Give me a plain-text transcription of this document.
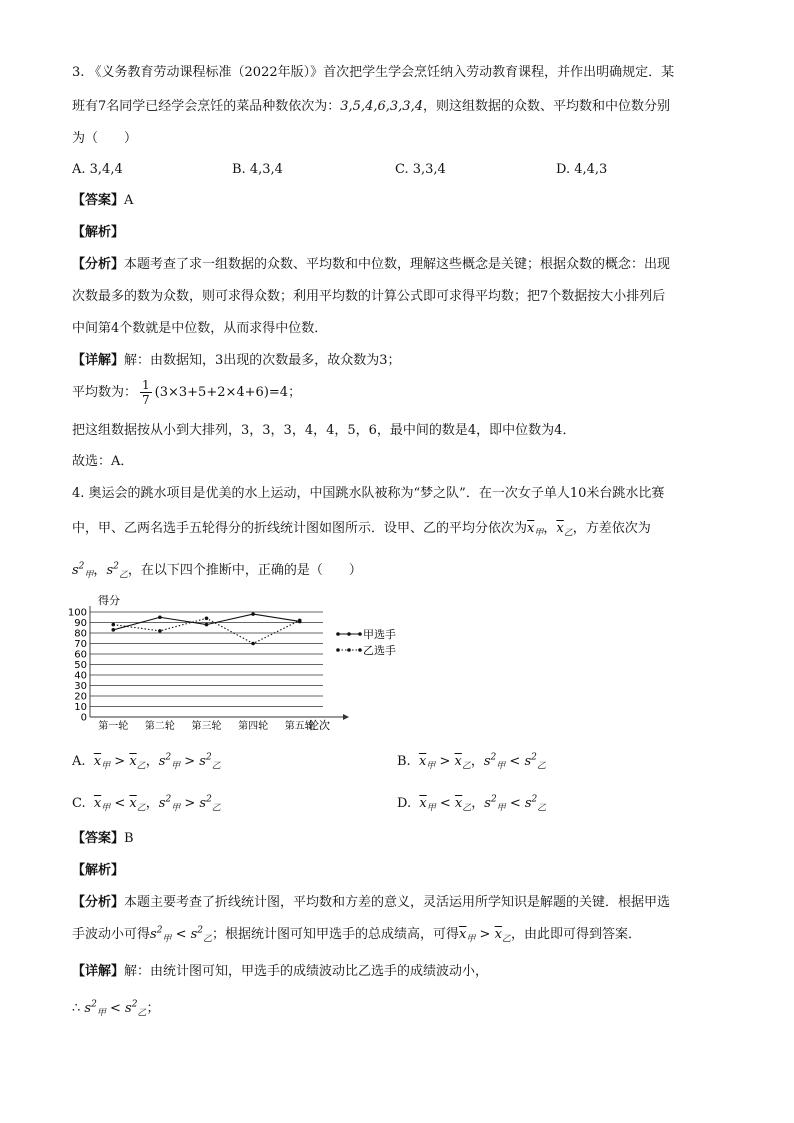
3. 《义务教育劳动课程标准（2022年版）》首次把学生学会烹饪纳入劳动教育课程，并作出明确规定．某
班有7名同学已经学会烹饪的菜品种数依次为：3,5,4,6,3,3,4，则这组数据的众数、平均数和中位数分别
为（　　）
A. 3,4,4	B. 4,3,4	C. 3,3,4	D. 4,4,3
【答案】A
【解析】
【分析】本题考查了求一组数据的众数、平均数和中位数，理解这些概念是关键；根据众数的概念：出现
次数最多的数为众数，则可求得众数；利用平均数的计算公式即可求得平均数；把7个数据按大小排列后
中间第4个数就是中位数，从而求得中位数．
【详解】解：由数据知，3出现的次数最多，故众数为3；
平均数为： $\frac{1}{7} (3\times 3+5+2\times 4+6)=4$；
把这组数据按从小到大排列，3，3，3，4，4，5，6，最中间的数是4，即中位数为4．
故选：A．
4. 奥运会的跳水项目是优美的水上运动，中国跳水队被称为“梦之队”．在一次女子单人10米台跳水比赛
中，甲、乙两名选手五轮得分的折线统计图如图所示．设甲、乙的平均分依次为$\overline{x}_甲$，$\overline{x}_乙$，方差依次为
$s^2_甲$，$s^2_乙$，在以下四个推断中，正确的是（　　）
0
10
20
30
40
50
60
70
80
90
100
第一轮 第二轮 第三轮 第四轮 第五轮
得分
轮次
甲选手
乙选手
A. $\overline{x}_甲 > \overline{x}_乙$，$s^2_甲 > s^2_乙$	B. $\overline{x}_甲 > \overline{x}_乙$，$s^2_甲 < s^2_乙$
C. $\overline{x}_甲 < \overline{x}_乙$，$s^2_甲 > s^2_乙$	D. $\overline{x}_甲 < \overline{x}_乙$，$s^2_甲 < s^2_乙$
【答案】B
【解析】
【分析】本题主要考查了折线统计图，平均数和方差的意义，灵活运用所学知识是解题的关键．根据甲选
手波动小可得$s^2_甲 < s^2_乙$；根据统计图可知甲选手的总成绩高，可得$\overline{x}_甲 > \overline{x}_乙$，由此即可得到答案．
【详解】解：由统计图可知，甲选手的成绩波动比乙选手的成绩波动小，
∴ $s^2_甲 < s^2_乙$；
